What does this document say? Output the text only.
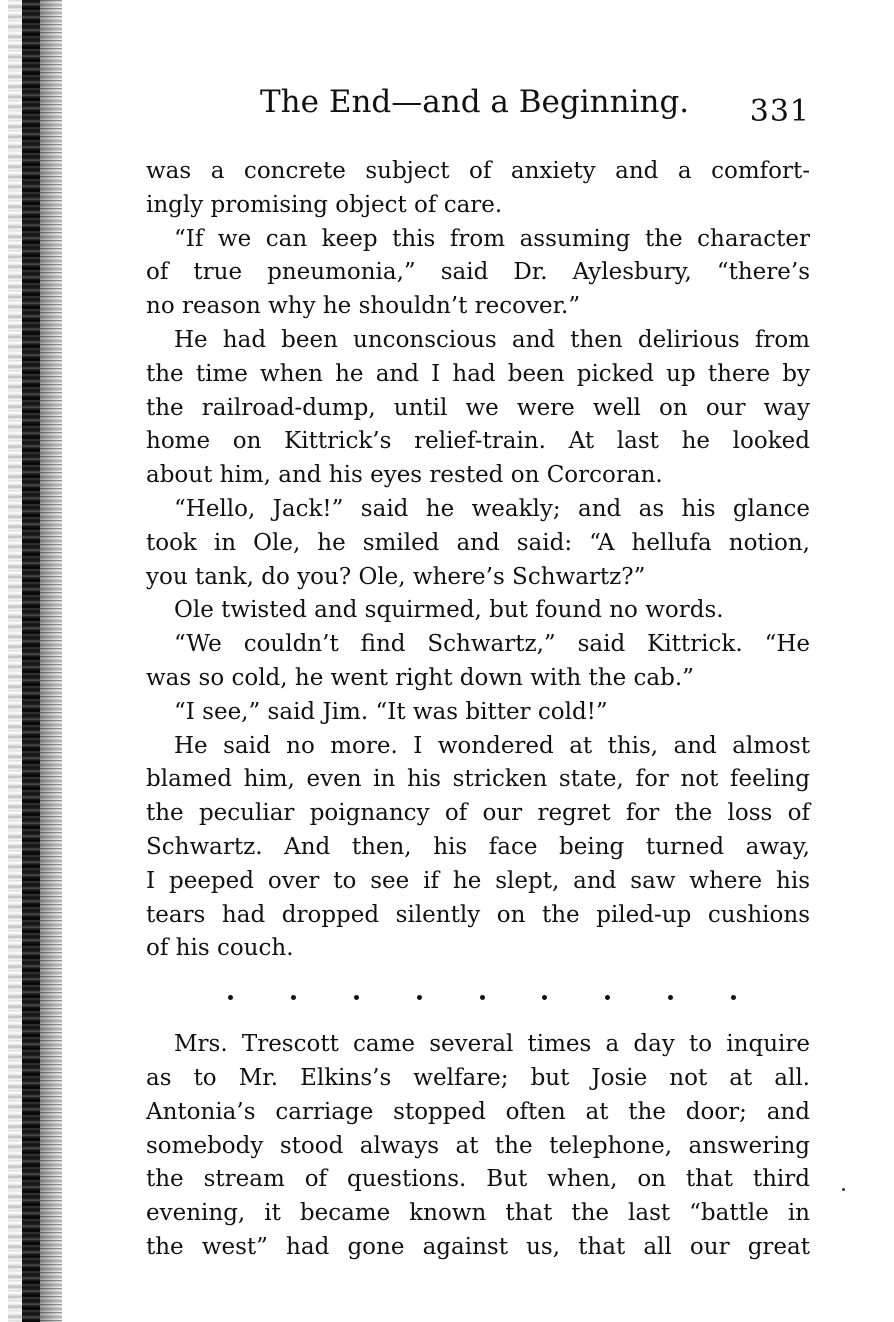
The End—and a Beginning. 331
was a concrete subject of anxiety and a comfort-
ingly promising object of care.
“If we can keep this from assuming the character
of true pneumonia,” said Dr. Aylesbury, “there’s
no reason why he shouldn’t recover.”
He had been unconscious and then delirious from
the time when he and I had been picked up there by
the railroad-dump, until we were well on our way
home on Kittrick’s relief-train. At last he looked
about him, and his eyes rested on Corcoran.
“Hello, Jack!” said he weakly; and as his glance
took in Ole, he smiled and said: “A hellufa notion,
you tank, do you? Ole, where’s Schwartz?”
Ole twisted and squirmed, but found no words.
“We couldn’t find Schwartz,” said Kittrick. “He
was so cold, he went right down with the cab.”
“I see,” said Jim. “It was bitter cold!”
He said no more. I wondered at this, and almost
blamed him, even in his stricken state, for not feeling
the peculiar poignancy of our regret for the loss of
Schwartz. And then, his face being turned away,
I peeped over to see if he slept, and saw where his
tears had dropped silently on the piled-up cushions
of his couch.
Mrs. Trescott came several times a day to inquire
as to Mr. Elkins’s welfare; but Josie not at all.
Antonia’s carriage stopped often at the door; and
somebody stood always at the telephone, answering
the stream of questions. But when, on that third
evening, it became known that the last “battle in
the west” had gone against us, that all our great
